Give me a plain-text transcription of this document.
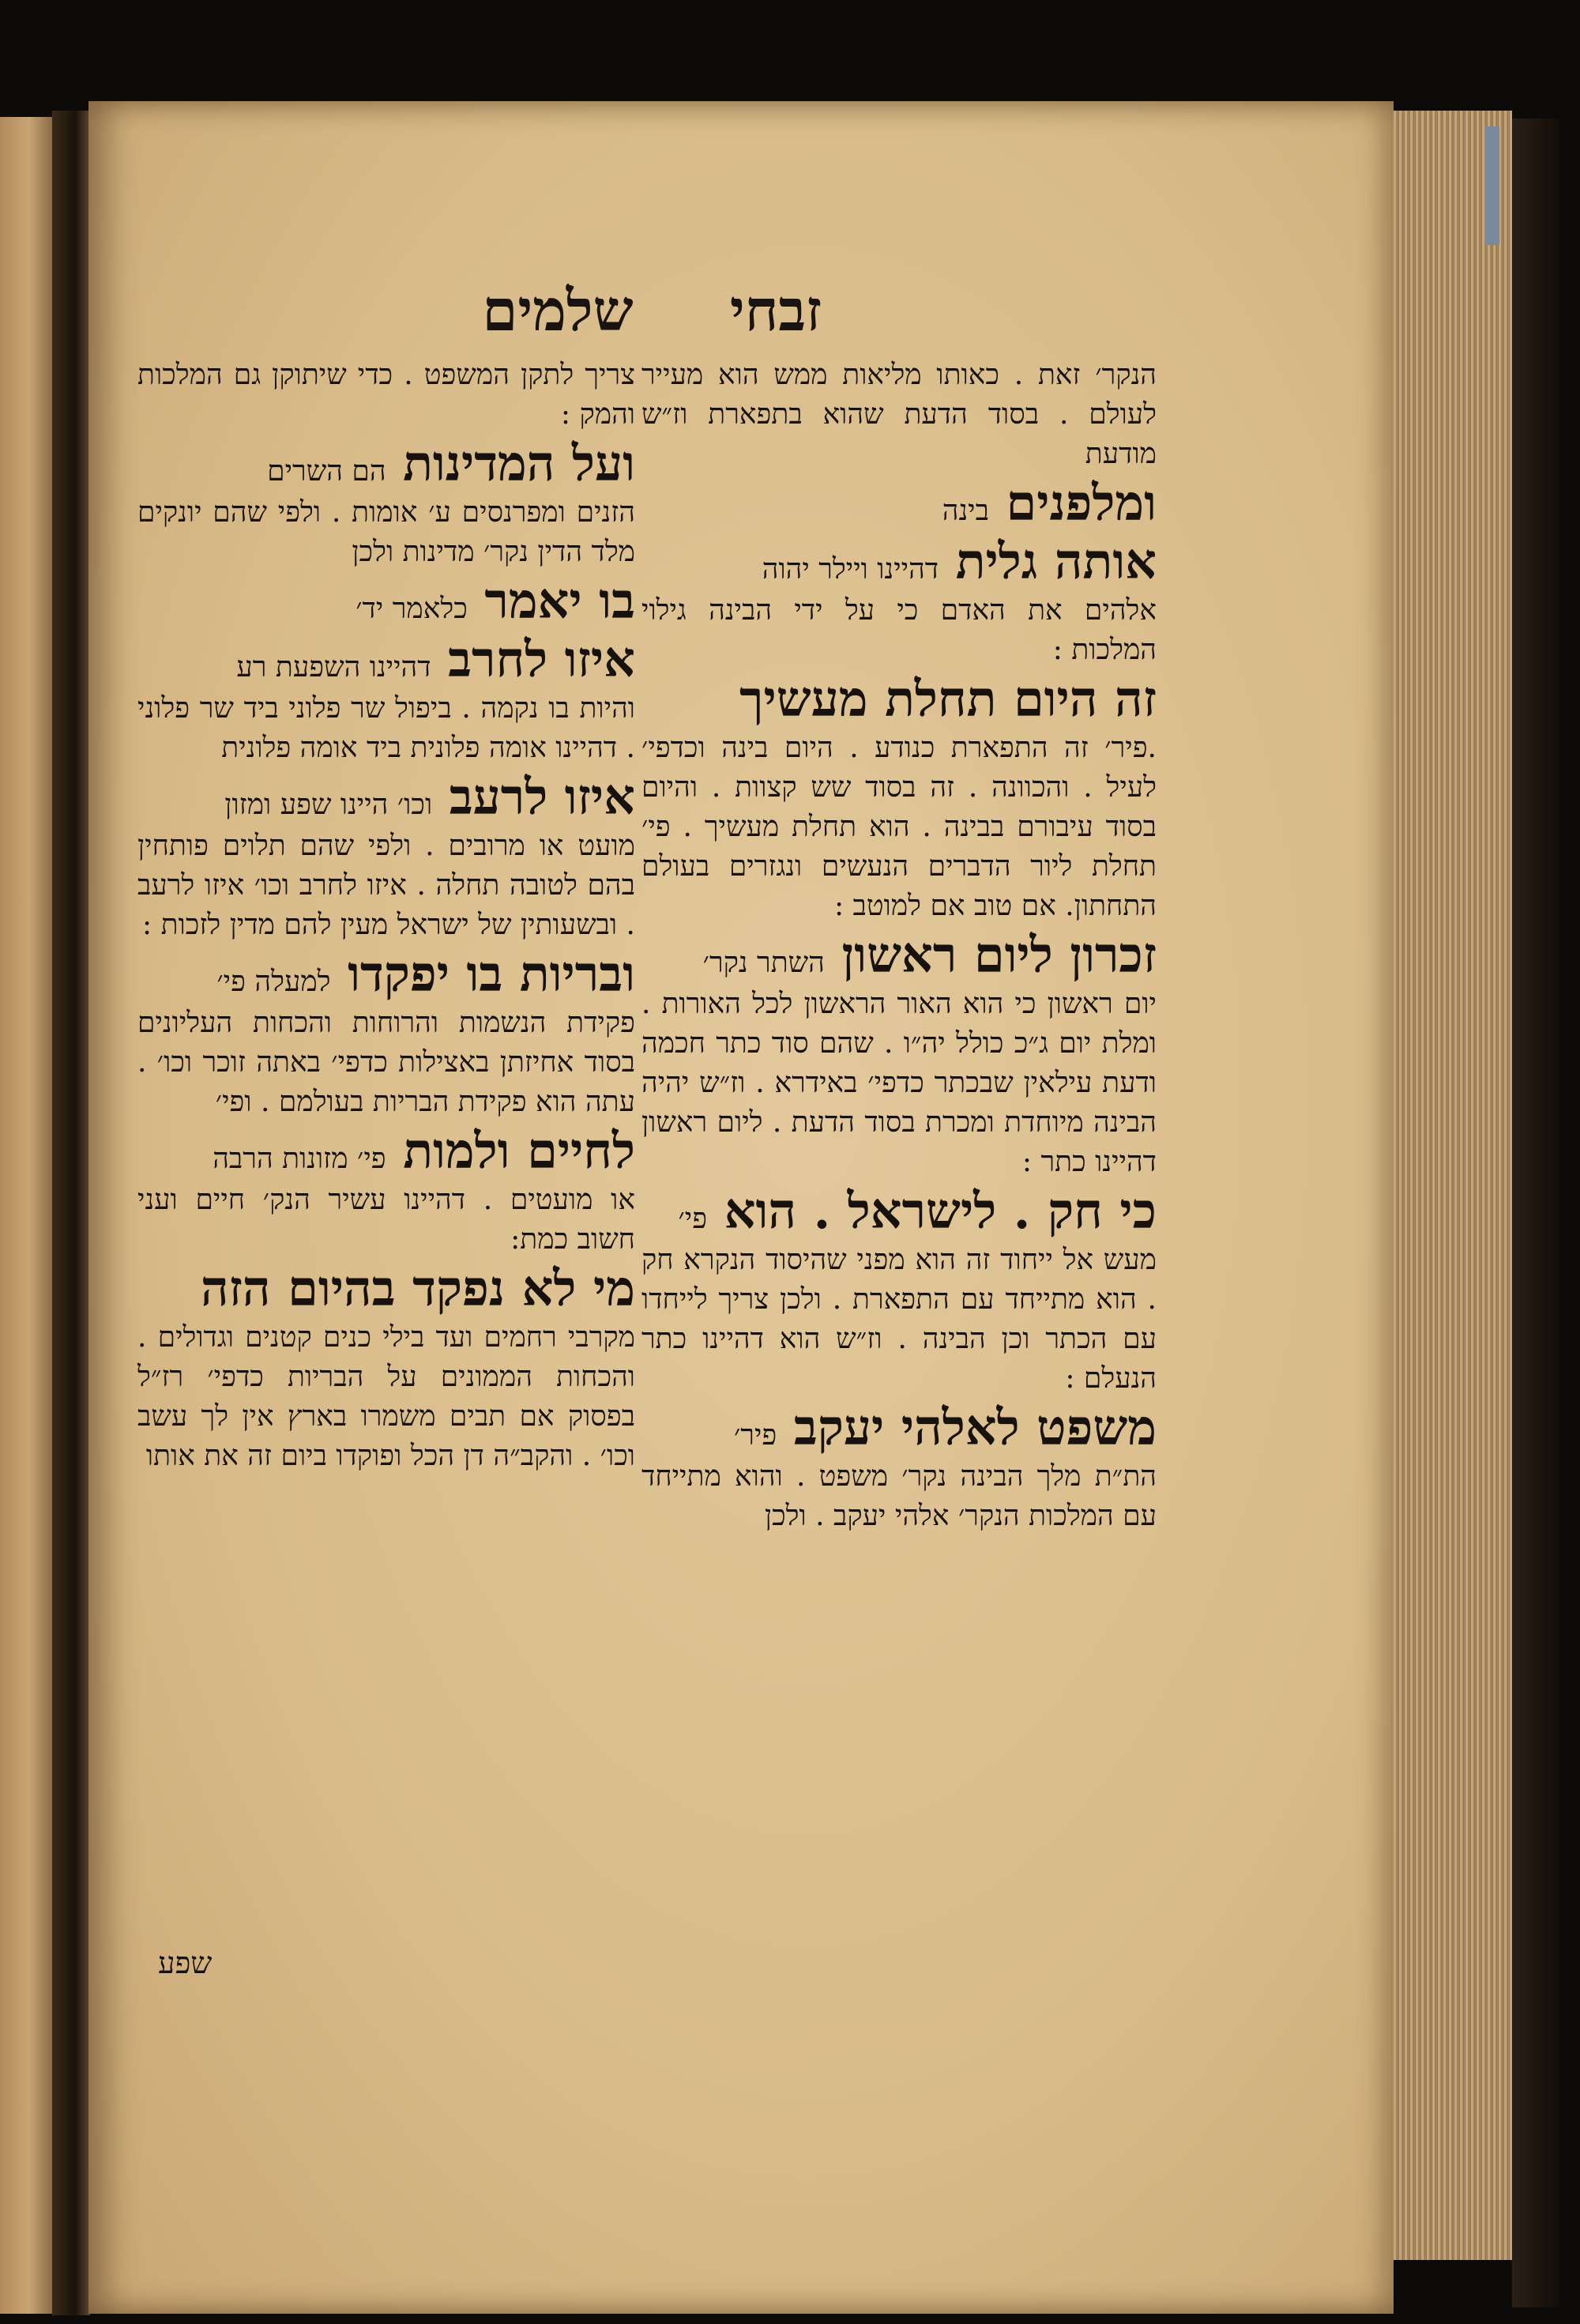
זבחי
שלמים

הנקר׳ זאת . כאותו מליאות ממש הוא מעייר לעולם . בסוד הדעת שהוא בתפארת וז״ש מודעת

ומלפנים בינה

אותה גלית דהיינו ויילר יהוה

אלהים את האדם כי על ידי הבינה גילוי המלכות :

זה היום תחלת מעשיך

.פיר׳ זה התפארת כנודע . היום בינה וכדפי׳ לעיל . והכוונה . זה בסוד שש קצוות . והיום בסוד עיבורם בבינה . הוא תחלת מעשיך . פי׳ תחלת ליור הדברים הנעשים ונגזרים בעולם התחתון. אם טוב אם למוטב :

זכרון ליום ראשון השתר נקר׳

יום ראשון כי הוא האור הראשון לכל האורות . ומלת יום ג״כ כולל יה״ו . שהם סוד כתר חכמה ודעת עילאין שבכתר כדפי׳ באידרא . וז״ש יהיה הבינה מיוחדת ומכרת בסוד הדעת . ליום ראשון דהיינו כתר :

כי חק . לישראל . הוא פי׳

מעש אל ייחוד זה הוא מפני שהיסוד הנקרא חק . הוא מתייחד עם התפארת . ולכן צריך לייחדו עם הכתר וכן הבינה . וז״ש הוא דהיינו כתר הנעלם :

משפט לאלהי יעקב פיר׳

הת״ת מלך הבינה נקר׳ משפט . והוא מתייחד עם המלכות הנקר׳ אלהי יעקב . ולכן

צריך לתקן המשפט . כדי שיתוקן גם המלכות והמק :

ועל המדינות הם השרים

הזנים ומפרנסים ע׳ אומות . ולפי שהם יונקים מלד הדין נקר׳ מדינות ולכן

בו יאמר כלאמר יד׳

איזו לחרב דהיינו השפעת רע

והיות בו נקמה . ביפול שר פלוני ביד שר פלוני . דהיינו אומה פלונית ביד אומה פלונית

איזו לרעב וכו׳ היינו שפע ומזון

מועט או מרובים . ולפי שהם תלוים פותחין בהם לטובה תחלה . איזו לחרב וכו׳ איזו לרעב . ובשעותין של ישראל מעין להם מדין לזכות :

ובריות בו יפקדו למעלה פי׳

פקידת הנשמות והרוחות והכחות העליונים בסוד אחיזתן באצילות כדפי׳ באתה זוכר וכו׳ . עתה הוא פקידת הבריות בעולמם . ופי׳

לחיים ולמות פי׳ מזונות הרבה

או מועטים . דהיינו עשיר הנק׳ חיים ועני חשוב כמת:

מי לא נפקד בהיום הזה

מקרבי רחמים ועד בילי כנים קטנים וגדולים . והכחות הממונים על הבריות כדפי׳ רז״ל בפסוק אם תבים משמרו בארץ אין לך עשב וכו׳ . והקב״ה דן הכל ופוקדו ביום זה את אותו

שפע
